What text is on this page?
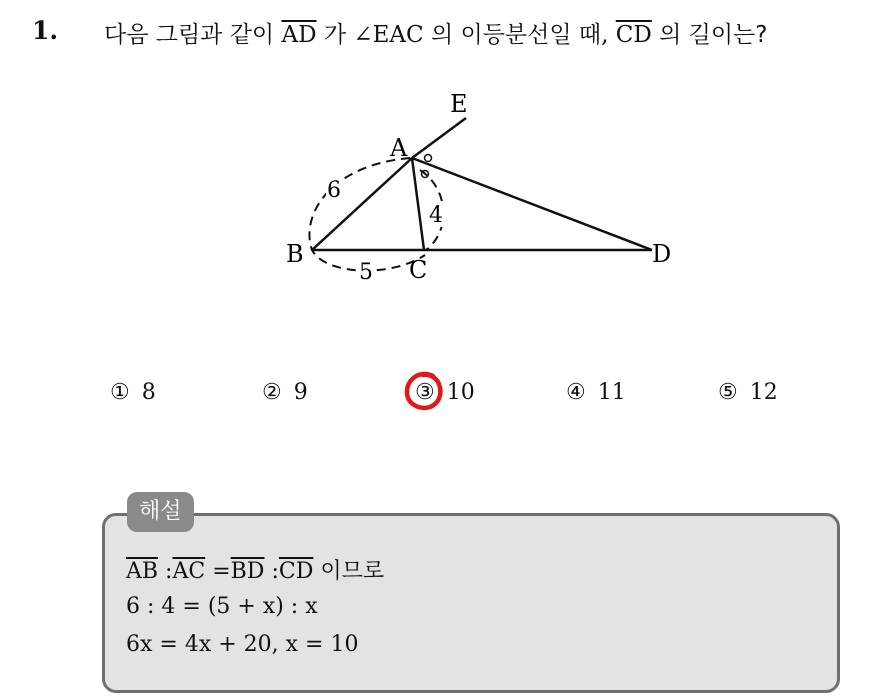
1. 다음 그림과 같이 $\overline{AD}$ 가 ∠EAC 의 이등분선일 때, $\overline{CD}$ 의 길이는?
E
A
B
C
D
6
4
5
① 8	② 9	③ 10	④ 11	⑤ 12
해설
$\overline{AB}$ $:\overline{AC} =\overline{BD}$ $:\overline{CD}$ 이므로
6 : 4 = (5 + x) : x
6x = 4x + 20, x = 10
